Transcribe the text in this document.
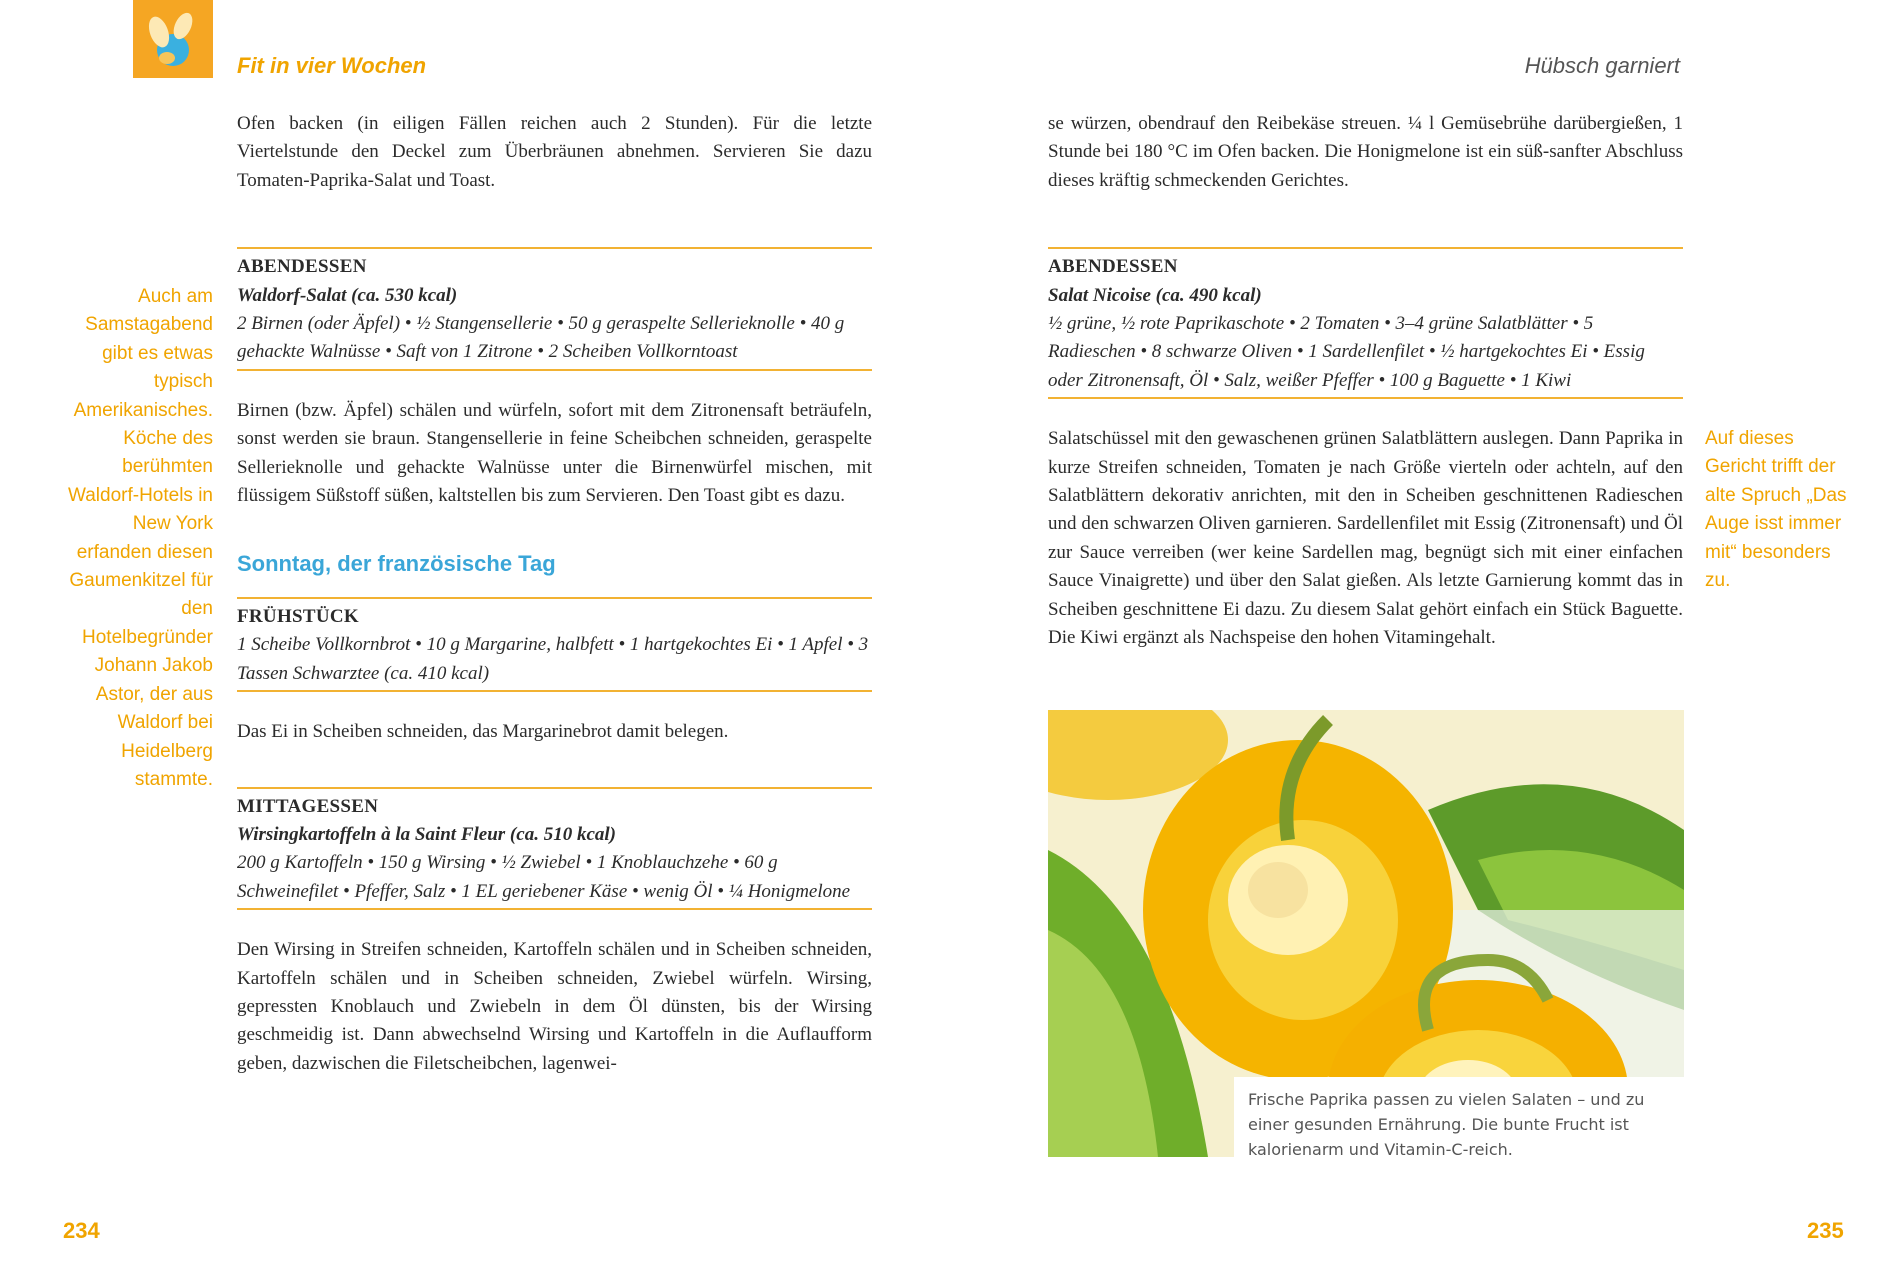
Fit in vier Wochen	Hübsch garniert
Auch am Samstagabend gibt es etwas typisch Amerikanisches. Köche des berühmten Waldorf-Hotels in New York erfanden diesen Gaumenkitzel für den Hotelbegründer Johann Jakob Astor, der aus Waldorf bei Heidelberg stammte.

Ofen backen (in eiligen Fällen reichen auch 2 Stunden). Für die letzte Viertelstunde den Deckel zum Überbräunen abnehmen. Servieren Sie dazu Tomaten-Paprika-Salat und Toast.

ABENDESSEN
Waldorf-Salat (ca. 530 kcal)
2 Birnen (oder Äpfel) • ½ Stangensellerie • 50 g geraspelte Sellerieknolle • 40 g gehackte Walnüsse • Saft von 1 Zitrone • 2 Scheiben Vollkorntoast

Birnen (bzw. Äpfel) schälen und würfeln, sofort mit dem Zitronensaft beträufeln, sonst werden sie braun. Stangensellerie in feine Scheibchen schneiden, geraspelte Sellerieknolle und gehackte Walnüsse unter die Birnenwürfel mischen, mit flüssigem Süßstoff süßen, kaltstellen bis zum Servieren. Den Toast gibt es dazu.

Sonntag, der französische Tag
FRÜHSTÜCK
1 Scheibe Vollkornbrot • 10 g Margarine, halbfett • 1 hartgekochtes Ei • 1 Apfel • 3 Tassen Schwarztee (ca. 410 kcal)

Das Ei in Scheiben schneiden, das Margarinebrot damit belegen.

MITTAGESSEN
Wirsingkartoffeln à la Saint Fleur (ca. 510 kcal)
200 g Kartoffeln • 150 g Wirsing • ½ Zwiebel • 1 Knoblauchzehe • 60 g Schweinefilet • Pfeffer, Salz • 1 EL geriebener Käse • wenig Öl • ¼ Honigmelone

Den Wirsing in Streifen schneiden, Kartoffeln schälen und in Scheiben schneiden, Kartoffeln schälen und in Scheiben schneiden, Zwiebel würfeln. Wirsing, gepressten Knoblauch und Zwiebeln in dem Öl dünsten, bis der Wirsing geschmeidig ist. Dann abwechselnd Wirsing und Kartoffeln in die Auflaufform geben, dazwischen die Filetscheibchen, lagenwei-

se würzen, obendrauf den Reibekäse streuen. ¼ l Gemüsebrühe darübergießen, 1 Stunde bei 180 °C im Ofen backen. Die Honigmelone ist ein süß-sanfter Abschluss dieses kräftig schmeckenden Gerichtes.

ABENDESSEN
Salat Nicoise (ca. 490 kcal)
½ grüne, ½ rote Paprikaschote • 2 Tomaten • 3–4 grüne Salatblätter • 5 Radieschen • 8 schwarze Oliven • 1 Sardellenfilet • ½ hartgekochtes Ei • Essig oder Zitronensaft, Öl • Salz, weißer Pfeffer • 100 g Baguette • 1 Kiwi

Salatschüssel mit den gewaschenen grünen Salatblättern auslegen. Dann Paprika in kurze Streifen schneiden, Tomaten je nach Größe vierteln oder achteln, auf den Salatblättern dekorativ anrichten, mit den in Scheiben geschnittenen Radieschen und den schwarzen Oliven garnieren. Sardellenfilet mit Essig (Zitronensaft) und Öl zur Sauce verreiben (wer keine Sardellen mag, begnügt sich mit einer einfachen Sauce Vinaigrette) und über den Salat gießen. Als letzte Garnierung kommt das in Scheiben geschnittene Ei dazu. Zu diesem Salat gehört einfach ein Stück Baguette. Die Kiwi ergänzt als Nachspeise den hohen Vitamingehalt.

Auf dieses Gericht trifft der alte Spruch „Das Auge isst immer mit“ besonders zu.
Frische Paprika passen zu vielen Salaten – und zu einer gesunden Ernährung. Die bunte Frucht ist kalorienarm und Vitamin-C-reich.
234	235
